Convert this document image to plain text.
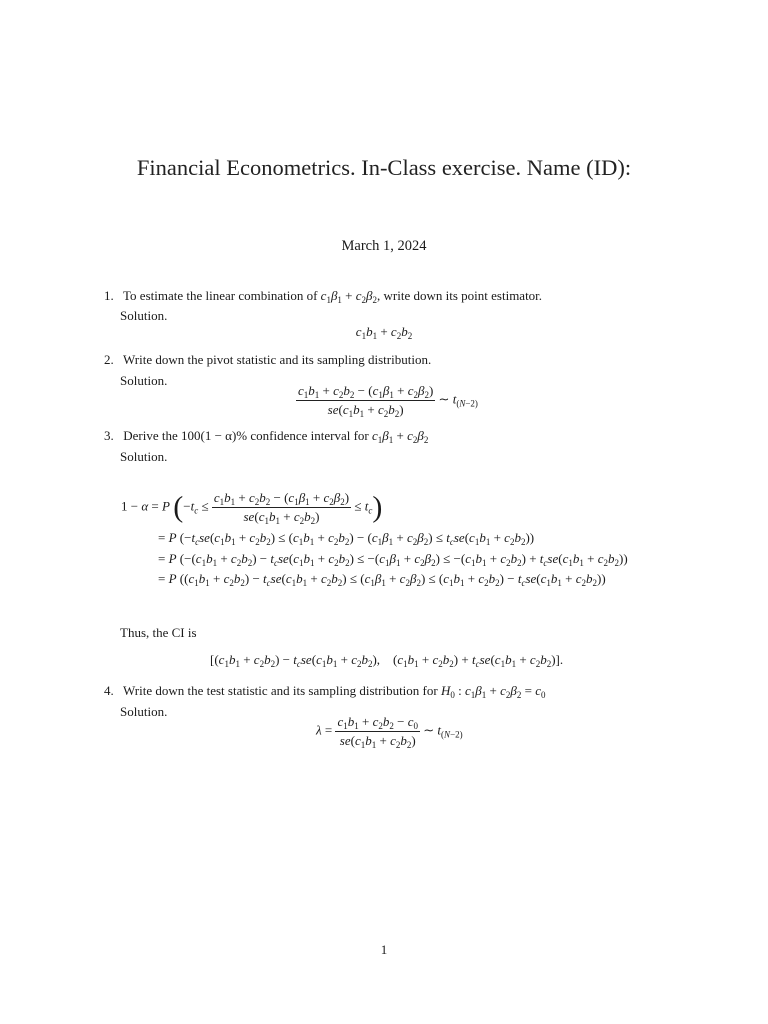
Financial Econometrics. In-Class exercise. Name (ID):
March 1, 2024
1. To estimate the linear combination of $c_1\beta_1 + c_2\beta_2$, write down its point estimator.
Solution.
$c_1b_1 + c_2b_2$
2. Write down the pivot statistic and its sampling distribution.
Solution.
$\frac{c_1b_1 + c_2b_2 - (c_1\beta_1 + c_2\beta_2)}{se(c_1b_1 + c_2b_2)}$ ∼ $t_{(N-2)}$
3. Derive the 100(1 − α)% confidence interval for $c_1\beta_1 + c_2\beta_2$
Solution.
1 − α = P $(-t_c \le \frac{c_1b_1 + c_2b_2 - (c_1\beta_1 + c_2\beta_2)}{se(c_1b_1 + c_2b_2)} \le t_c)$
= P $(-t_cse(c_1b_1 + c_2b_2) \le (c_1b_1 + c_2b_2) - (c_1\beta_1 + c_2\beta_2) \le t_cse(c_1b_1 + c_2b_2))$
= P $(-(c_1b_1 + c_2b_2) - t_cse(c_1b_1 + c_2b_2) \le -(c_1\beta_1 + c_2\beta_2) \le -(c_1b_1 + c_2b_2) + t_cse(c_1b_1 + c_2b_2))$
= P $((c_1b_1 + c_2b_2) - t_cse(c_1b_1 + c_2b_2) \le (c_1\beta_1 + c_2\beta_2) \le (c_1b_1 + c_2b_2) - t_cse(c_1b_1 + c_2b_2))$
Thus, the CI is
[$(c_1b_1 + c_2b_2) - t_cse(c_1b_1 + c_2b_2)$,    $(c_1b_1 + c_2b_2) + t_cse(c_1b_1 + c_2b_2)$].
4. Write down the test statistic and its sampling distribution for $H_0$ : $c_1\beta_1 + c_2\beta_2 = c_0$
Solution.
$\lambda = \frac{c_1b_1 + c_2b_2 - c_0}{se(c_1b_1 + c_2b_2)}$ ∼ $t_{(N-2)}$
1
